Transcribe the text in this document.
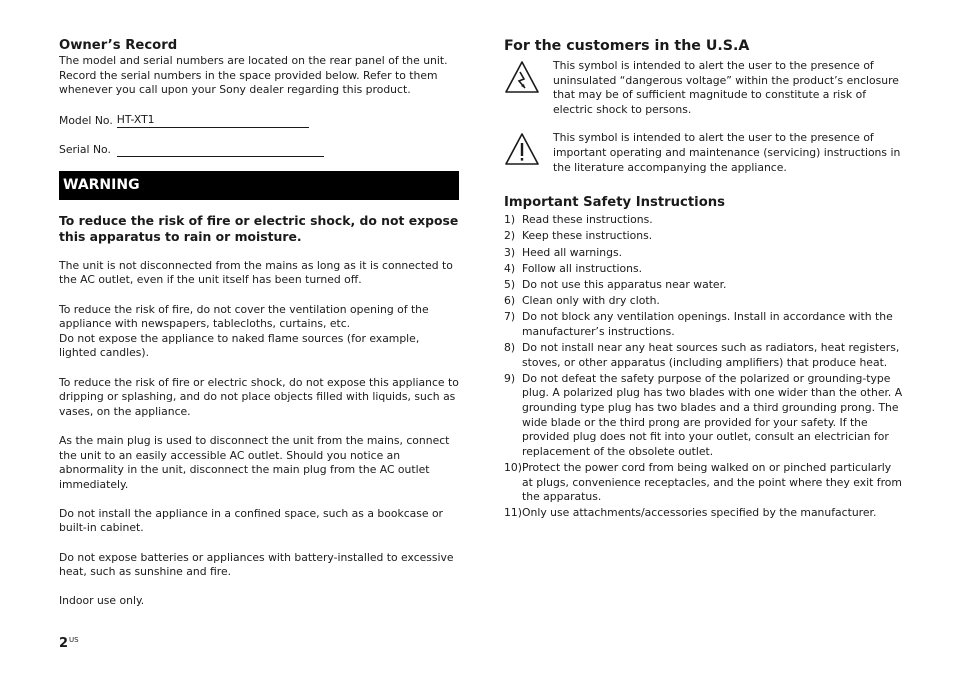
Owner’s Record

The model and serial numbers are located on the rear panel of the unit. Record the serial numbers in the space provided below. Refer to them whenever you call upon your Sony dealer regarding this product.

Model No. HT-XT1
Serial No.
WARNING

To reduce the risk of fire or electric shock, do not expose this apparatus to rain or moisture.

The unit is not disconnected from the mains as long as it is connected to the AC outlet, even if the unit itself has been turned off.

To reduce the risk of fire, do not cover the ventilation opening of the appliance with newspapers, tablecloths, curtains, etc.

Do not expose the appliance to naked flame sources (for example, lighted candles).

To reduce the risk of fire or electric shock, do not expose this appliance to dripping or splashing, and do not place objects filled with liquids, such as vases, on the appliance.

As the main plug is used to disconnect the unit from the mains, connect the unit to an easily accessible AC outlet. Should you notice an abnormality in the unit, disconnect the main plug from the AC outlet immediately.

Do not install the appliance in a confined space, such as a bookcase or built-in cabinet.

Do not expose batteries or appliances with battery-installed to excessive heat, such as sunshine and fire.

Indoor use only.

For the customers in the U.S.A

This symbol is intended to alert the user to the presence of uninsulated “dangerous voltage” within the product’s enclosure that may be of sufficient magnitude to constitute a risk of electric shock to persons.

This symbol is intended to alert the user to the presence of important operating and maintenance (servicing) instructions in the literature accompanying the appliance.

Important Safety Instructions
1) Read these instructions.
2) Keep these instructions.
3) Heed all warnings.
4) Follow all instructions.
5) Do not use this apparatus near water.
6) Clean only with dry cloth.
7) Do not block any ventilation openings. Install in accordance with the manufacturer’s instructions.
8) Do not install near any heat sources such as radiators, heat registers, stoves, or other apparatus (including amplifiers) that produce heat.
9) Do not defeat the safety purpose of the polarized or grounding-type plug. A polarized plug has two blades with one wider than the other. A grounding type plug has two blades and a third grounding prong. The wide blade or the third prong are provided for your safety. If the provided plug does not fit into your outlet, consult an electrician for replacement of the obsolete outlet.
10) Protect the power cord from being walked on or pinched particularly at plugs, convenience receptacles, and the point where they exit from the apparatus.
11) Only use attachments/accessories specified by the manufacturer.
$2^{US}$
